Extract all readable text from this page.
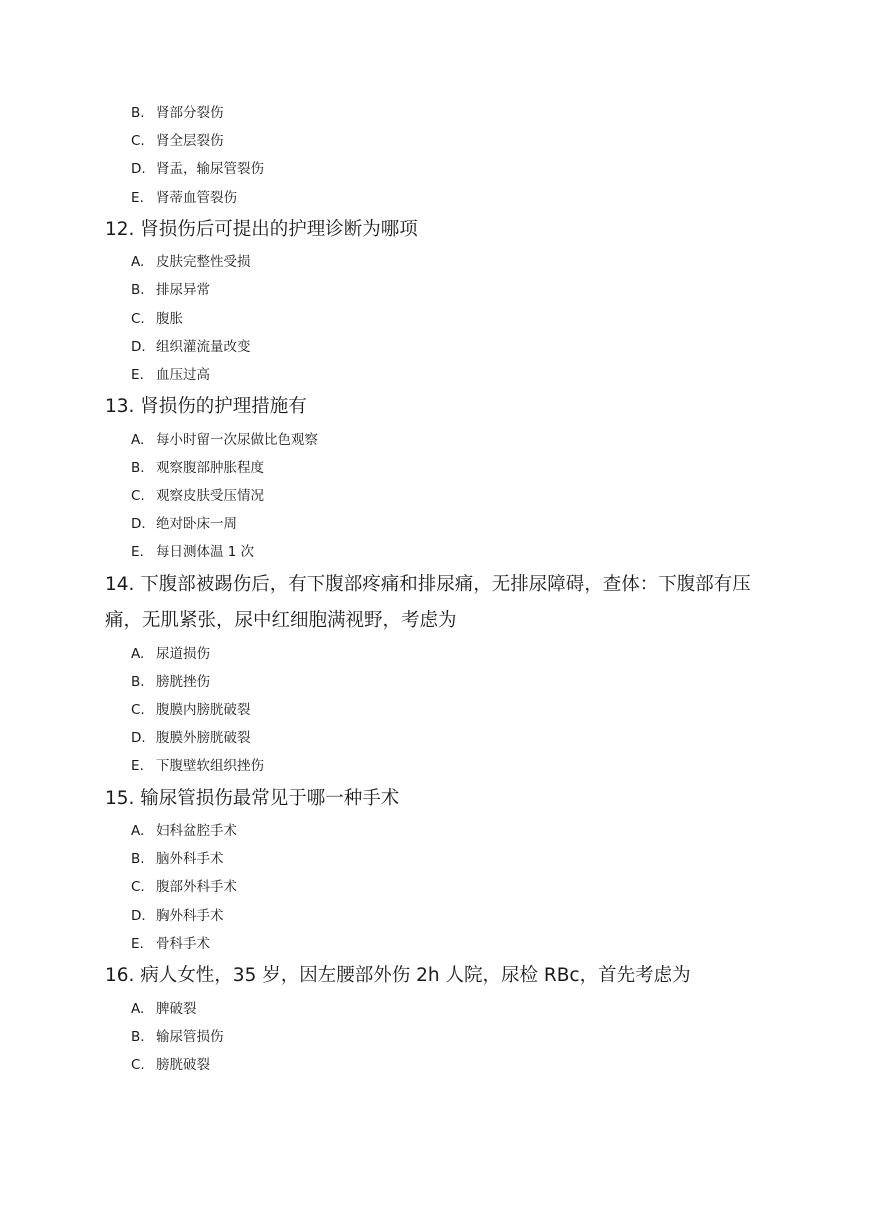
B. 肾部分裂伤
C. 肾全层裂伤
D. 肾盂，输尿管裂伤
E. 肾蒂血管裂伤
12. 肾损伤后可提出的护理诊断为哪项
A. 皮肤完整性受损
B. 排尿异常
C. 腹胀
D. 组织灌流量改变
E. 血压过高
13. 肾损伤的护理措施有
A. 每小时留一次尿做比色观察
B. 观察腹部肿胀程度
C. 观察皮肤受压情况
D. 绝对卧床一周
E. 每日测体温 1 次
14. 下腹部被踢伤后，有下腹部疼痛和排尿痛，无排尿障碍，查体：下腹部有压痛，无肌紧张，尿中红细胞满视野，考虑为
A. 尿道损伤
B. 膀胱挫伤
C. 腹膜内膀胱破裂
D. 腹膜外膀胱破裂
E. 下腹壁软组织挫伤
15. 输尿管损伤最常见于哪一种手术
A. 妇科盆腔手术
B. 脑外科手术
C. 腹部外科手术
D. 胸外科手术
E. 骨科手术
16. 病人女性，35 岁，因左腰部外伤 2h 人院，尿检 RBc，首先考虑为
A. 脾破裂
B. 输尿管损伤
C. 膀胱破裂
